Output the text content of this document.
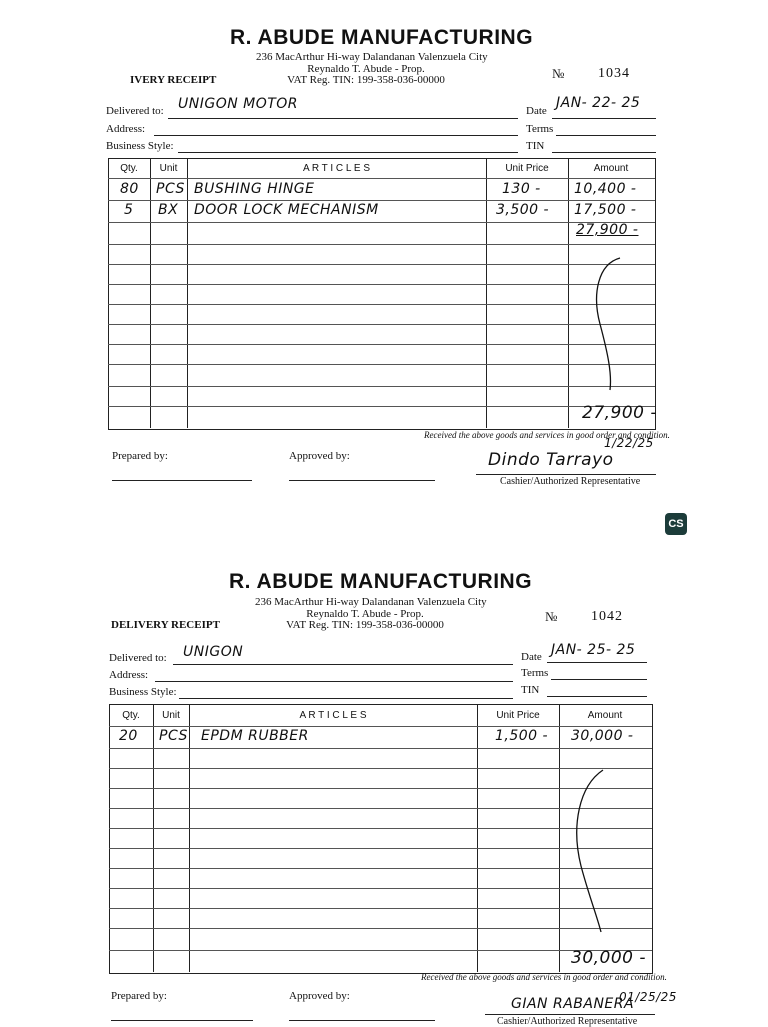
R. ABUDE MANUFACTURING
236 MacArthur Hi-way Dalandanan Valenzuela City
Reynaldo T. Abude - Prop.
VAT Reg. TIN: 199-358-036-00000
IVERY RECEIPT	№ 1034
Delivered to: UNIGON MOTOR
Address:
Business Style:
Date JAN- 22- 25
Terms
TIN
Qty.	Unit	A R T I C L E S	Unit Price	Amount
80 PCS BUSHING HINGE	130 - 10,400 -
5 BX DOOR LOCK MECHANISM	3,500 - 17,500 -
27,900 -
27,900 -
Received the above goods and services in good order and condition.
Prepared by:	Approved by:	Dindo Tarrayo
1/22/25
Cashier/Authorized Representative
CS
R. ABUDE MANUFACTURING
236 MacArthur Hi-way Dalandanan Valenzuela City
Reynaldo T. Abude - Prop.
VAT Reg. TIN: 199-358-036-00000
DELIVERY RECEIPT
№ 1042
Delivered to: UNIGON
Address:
Business Style:
Date JAN- 25- 25
Terms
TIN
Qty.	Unit	A R T I C L E S	Unit Price	Amount
20 PCS EPDM RUBBER	1,500 - 30,000 -
30,000 -
Received the above goods and services in good order and condition.
Prepared by:	Approved by:	GIAN RABANERA
01/25/25
Cashier/Authorized Representative
